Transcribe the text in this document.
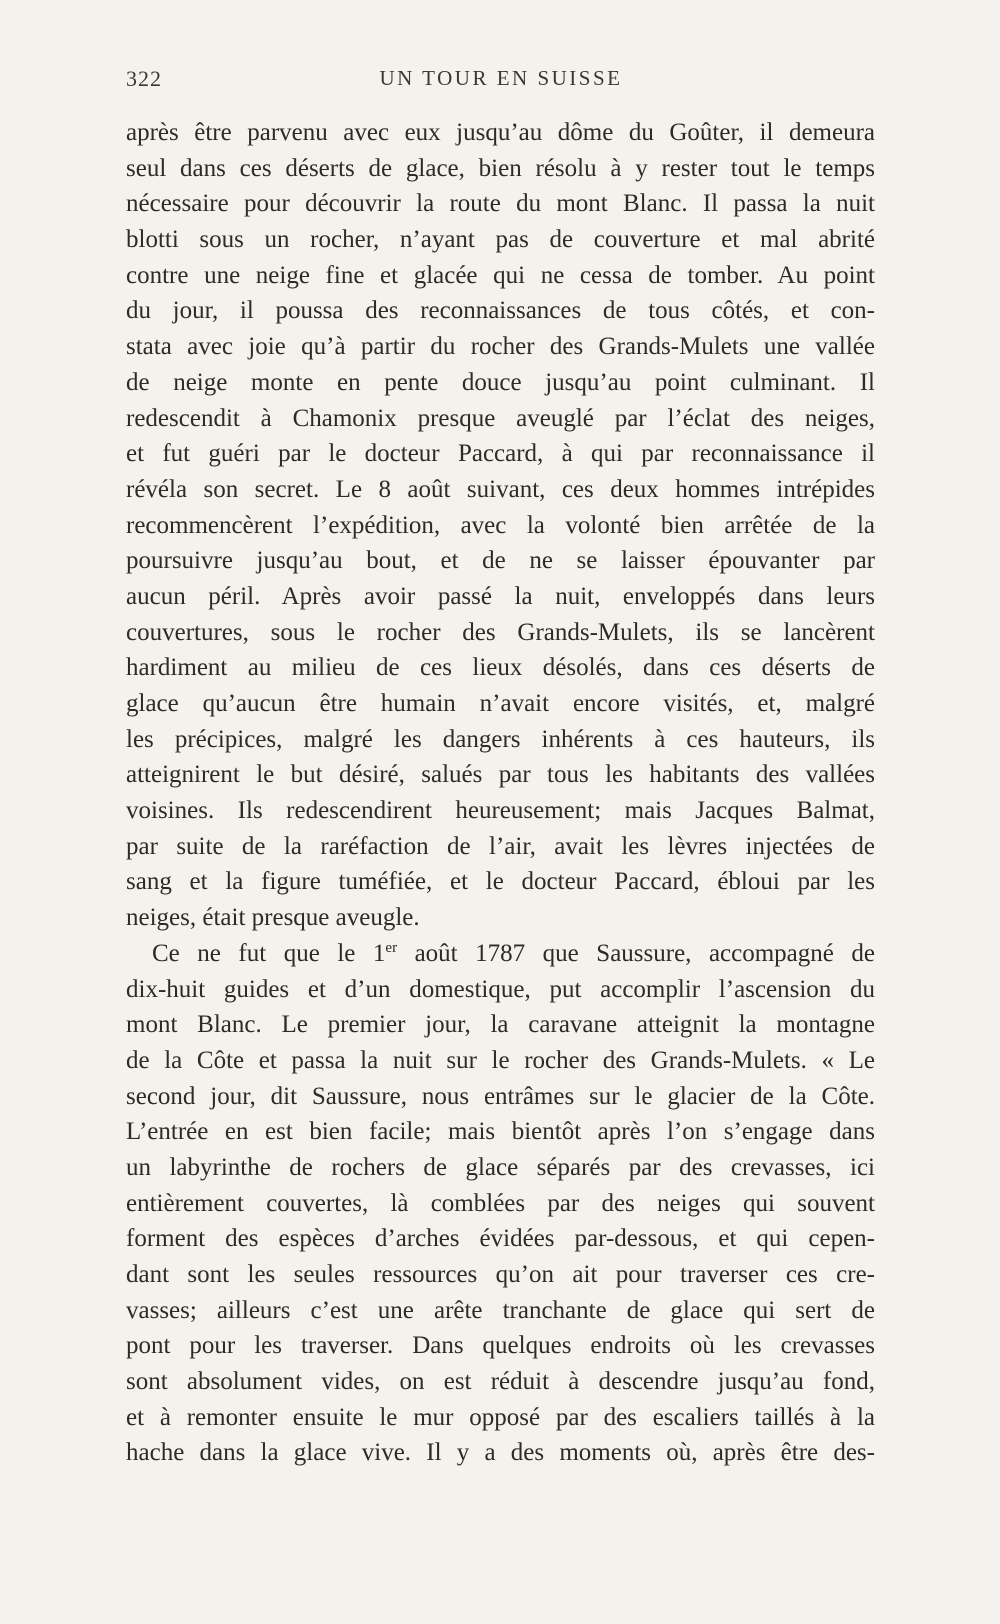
322	UN TOUR EN SUISSE
après être parvenu avec eux jusqu’au dôme du Goûter, il demeura
seul dans ces déserts de glace, bien résolu à y rester tout le temps
nécessaire pour découvrir la route du mont Blanc. Il passa la nuit
blotti sous un rocher, n’ayant pas de couverture et mal abrité
contre une neige fine et glacée qui ne cessa de tomber. Au point
du jour, il poussa des reconnaissances de tous côtés, et con-
stata avec joie qu’à partir du rocher des Grands-Mulets une vallée
de neige monte en pente douce jusqu’au point culminant. Il
redescendit à Chamonix presque aveuglé par l’éclat des neiges,
et fut guéri par le docteur Paccard, à qui par reconnaissance il
révéla son secret. Le 8 août suivant, ces deux hommes intrépides
recommencèrent l’expédition, avec la volonté bien arrêtée de la
poursuivre jusqu’au bout, et de ne se laisser épouvanter par
aucun péril. Après avoir passé la nuit, enveloppés dans leurs
couvertures, sous le rocher des Grands-Mulets, ils se lancèrent
hardiment au milieu de ces lieux désolés, dans ces déserts de
glace qu’aucun être humain n’avait encore visités, et, malgré
les précipices, malgré les dangers inhérents à ces hauteurs, ils
atteignirent le but désiré, salués par tous les habitants des vallées
voisines. Ils redescendirent heureusement; mais Jacques Balmat,
par suite de la raréfaction de l’air, avait les lèvres injectées de
sang et la figure tuméfiée, et le docteur Paccard, ébloui par les
neiges, était presque aveugle.
Ce ne fut que le 1er août 1787 que Saussure, accompagné de
dix-huit guides et d’un domestique, put accomplir l’ascension du
mont Blanc. Le premier jour, la caravane atteignit la montagne
de la Côte et passa la nuit sur le rocher des Grands-Mulets. « Le
second jour, dit Saussure, nous entrâmes sur le glacier de la Côte.
L’entrée en est bien facile; mais bientôt après l’on s’engage dans
un labyrinthe de rochers de glace séparés par des crevasses, ici
entièrement couvertes, là comblées par des neiges qui souvent
forment des espèces d’arches évidées par-dessous, et qui cepen-
dant sont les seules ressources qu’on ait pour traverser ces cre-
vasses; ailleurs c’est une arête tranchante de glace qui sert de
pont pour les traverser. Dans quelques endroits où les crevasses
sont absolument vides, on est réduit à descendre jusqu’au fond,
et à remonter ensuite le mur opposé par des escaliers taillés à la
hache dans la glace vive. Il y a des moments où, après être des-
